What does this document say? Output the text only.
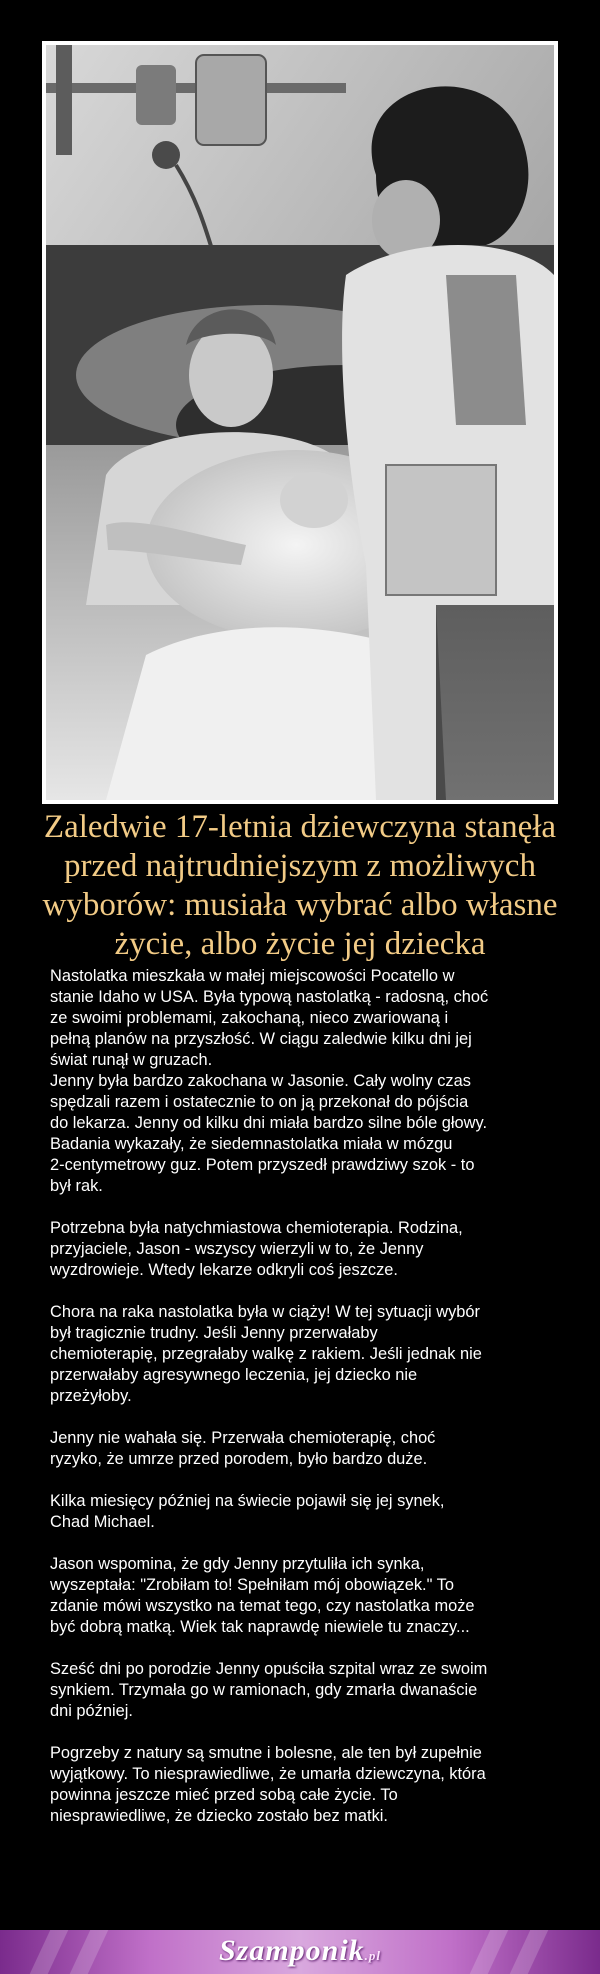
Zaledwie 17-letnia dziewczyna stanęła
przed najtrudniejszym z możliwych
wyborów: musiała wybrać albo własne
życie, albo życie jej dziecka

Nastolatka mieszkała w małej miejscowości Pocatello w

stanie Idaho w USA. Była typową nastolatką - radosną, choć

ze swoimi problemami, zakochaną, nieco zwariowaną i

pełną planów na przyszłość. W ciągu zaledwie kilku dni jej

świat runął w gruzach.

Jenny była bardzo zakochana w Jasonie. Cały wolny czas

spędzali razem i ostatecznie to on ją przekonał do pójścia

do lekarza. Jenny od kilku dni miała bardzo silne bóle głowy.

Badania wykazały, że siedemnastolatka miała w mózgu

2-centymetrowy guz. Potem przyszedł prawdziwy szok - to

był rak.

Potrzebna była natychmiastowa chemioterapia. Rodzina,

przyjaciele, Jason - wszyscy wierzyli w to, że Jenny

wyzdrowieje. Wtedy lekarze odkryli coś jeszcze.

Chora na raka nastolatka była w ciąży! W tej sytuacji wybór

był tragicznie trudny. Jeśli Jenny przerwałaby

chemioterapię, przegrałaby walkę z rakiem. Jeśli jednak nie

przerwałaby agresywnego leczenia, jej dziecko nie

przeżyłoby.

Jenny nie wahała się. Przerwała chemioterapię, choć

ryzyko, że umrze przed porodem, było bardzo duże.

Kilka miesięcy później na świecie pojawił się jej synek,

Chad Michael.

Jason wspomina, że gdy Jenny przytuliła ich synka,

wyszeptała: "Zrobiłam to! Spełniłam mój obowiązek." To

zdanie mówi wszystko na temat tego, czy nastolatka może

być dobrą matką. Wiek tak naprawdę niewiele tu znaczy...

Sześć dni po porodzie Jenny opuściła szpital wraz ze swoim

synkiem. Trzymała go w ramionach, gdy zmarła dwanaście

dni później.

Pogrzeby z natury są smutne i bolesne, ale ten był zupełnie

wyjątkowy. To niesprawiedliwe, że umarła dziewczyna, która

powinna jeszcze mieć przed sobą całe życie. To

niesprawiedliwe, że dziecko zostało bez matki.

Szamponik.pl
